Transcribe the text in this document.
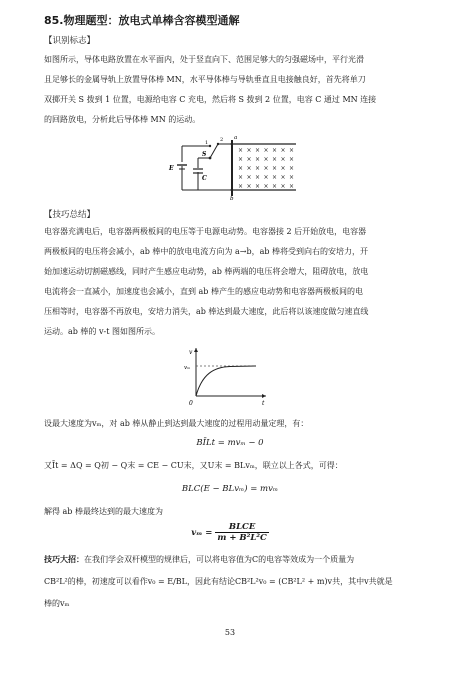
85.物理题型：放电式单棒含容模型通解
【识别标志】

如图所示，导体电路放置在水平面内，处于竖直向下、范围足够大的匀强磁场中，平行光滑

且足够长的金属导轨上放置导体棒 MN，水平导体棒与导轨垂直且电接触良好，首先将单刀

双掷开关 S 拨到 1 位置，电源给电容 C 充电，然后将 S 拨到 2 位置，电容 C 通过 MN 连接

的回路放电，分析此后导体棒 MN 的运动。

E
C
S
1 2 a
b
× × × × × × ×
× × × × × × ×
× × × × × × ×
× × × × × × ×
× × × × × × ×
【技巧总结】

电容器充满电后，电容器两极板间的电压等于电源电动势。电容器接 2 后开始放电，电容器

两极板间的电压将会减小，ab 棒中的放电电流方向为 a→b，ab 棒将受到向右的安培力，开

始加速运动切割磁感线，同时产生感应电动势，ab 棒两端的电压将会增大，阻碍放电，放电

电流将会一直减小，加速度也会减小，直到 ab 棒产生的感应电动势和电容器两极板间的电

压相等时，电容器不再放电，安培力消失，ab 棒达到最大速度，此后将以该速度做匀速直线

运动。ab 棒的 v-t 图如图所示。

v
t
vₘ
0
设最大速度为vₘ，对 ab 棒从静止到达到最大速度的过程用动量定理，有：
BĪLt = mvₘ − 0
又Īt = ΔQ = Q初 − Q末 = CE − CU末，又U末 = BLvₘ，联立以上各式，可得：
BLC(E − BLvₘ) = mvₘ
解得 ab 棒最终达到的最大速度为
$v_m = \frac{\text{BLCE}}{\text{m + B²L²C}}$
技巧大招：在我们学会双杆模型的规律后，可以将电容值为C的电容等效成为一个质量为
CB²L²的棒，初速度可以看作v₀ = E/BL，因此有结论CB²L²v₀ = (CB²L² + m)v共，其中v共就是
棒的vₘ
53
